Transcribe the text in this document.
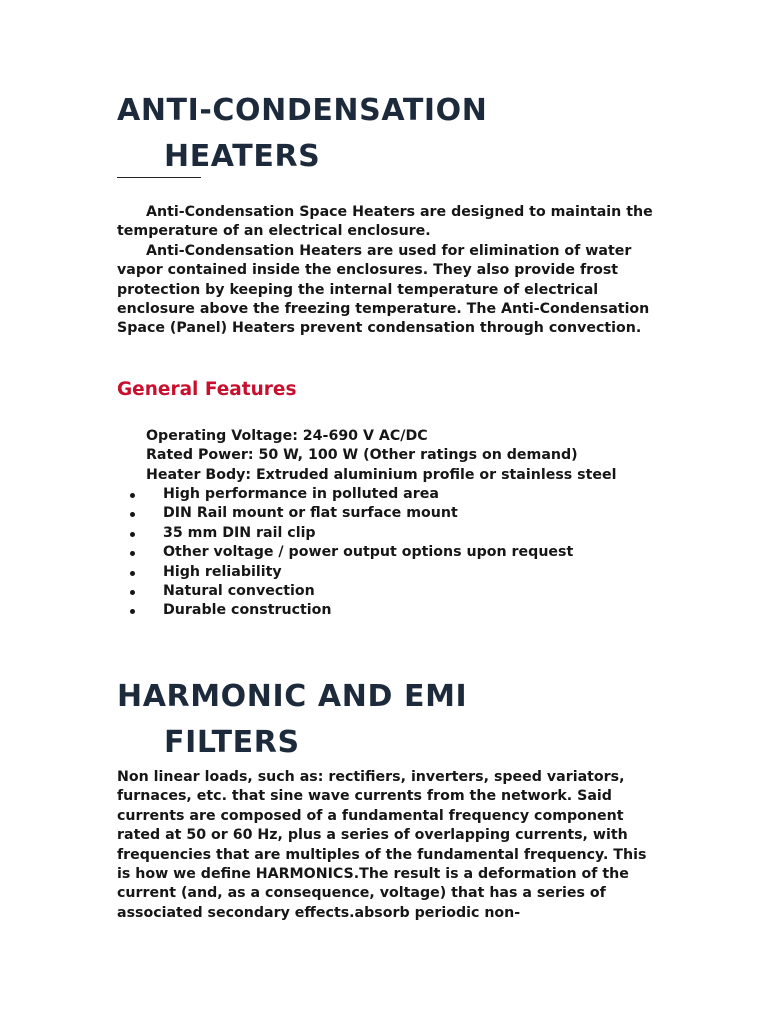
ANTI-CONDENSATION
HEATERS

Anti-Condensation Space Heaters are designed to maintain the temperature of an electrical enclosure.

Anti-Condensation Heaters are used for elimination of water vapor contained inside the enclosures. They also provide frost protection by keeping the internal temperature of electrical enclosure above the freezing temperature. The Anti-Condensation Space (Panel) Heaters prevent condensation through convection.

General Features

Operating Voltage: 24-690 V AC/DC

Rated Power: 50 W, 100 W (Other ratings on demand)

Heater Body: Extruded aluminium profile or stainless steel

High performance in polluted area
DIN Rail mount or flat surface mount
35 mm DIN rail clip
Other voltage / power output options upon request
High reliability
Natural convection
Durable construction
HARMONIC AND EMI
FILTERS

Non linear loads, such as: rectifiers, inverters, speed variators, furnaces, etc. that sine wave currents from the network. Said currents are composed of a fundamental frequency component rated at 50 or 60 Hz, plus a series of overlapping currents, with frequencies that are multiples of the fundamental frequency. This is how we define HARMONICS.The result is a deformation of the current (and, as a consequence, voltage) that has a series of associated secondary effects.absorb periodic non-
